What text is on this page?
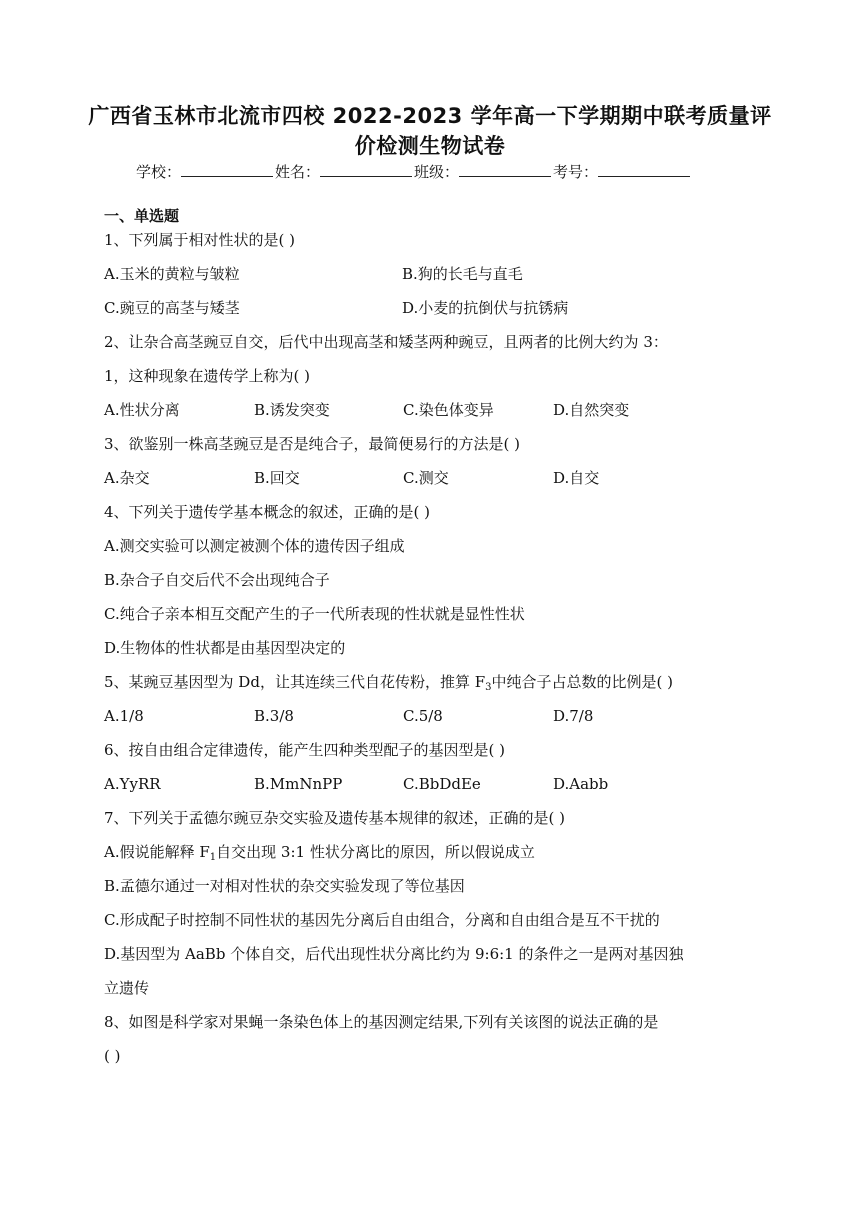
广西省玉林市北流市四校 2022-2023 学年高一下学期期中联考质量评
价检测生物试卷
学校：	姓名：	班级：	考号：
一、单选题
1、下列属于相对性状的是( )
A.玉米的黄粒与皱粒	B.狗的长毛与直毛
C.豌豆的高茎与矮茎	D.小麦的抗倒伏与抗锈病
2、让杂合高茎豌豆自交，后代中出现高茎和矮茎两种豌豆，且两者的比例大约为 3：
1，这种现象在遗传学上称为( )
A.性状分离	B.诱发突变	C.染色体变异	D.自然突变
3、欲鉴别一株高茎豌豆是否是纯合子，最简便易行的方法是( )
A.杂交	B.回交	C.测交	D.自交
4、下列关于遗传学基本概念的叙述，正确的是( )
A.测交实验可以测定被测个体的遗传因子组成
B.杂合子自交后代不会出现纯合子
C.纯合子亲本相互交配产生的子一代所表现的性状就是显性性状
D.生物体的性状都是由基因型决定的
5、某豌豆基因型为 Dd，让其连续三代自花传粉，推算 $F_3$中纯合子占总数的比例是( )
A.1/8	B.3/8	C.5/8	D.7/8
6、按自由组合定律遗传，能产生四种类型配子的基因型是( )
A.YyRR	B.MmNnPP	C.BbDdEe	D.Aabb
7、下列关于孟德尔豌豆杂交实验及遗传基本规律的叙述，正确的是( )
A.假说能解释 $F_1$自交出现 3:1 性状分离比的原因，所以假说成立
B.孟德尔通过一对相对性状的杂交实验发现了等位基因
C.形成配子时控制不同性状的基因先分离后自由组合，分离和自由组合是互不干扰的
D.基因型为 AaBb 个体自交，后代出现性状分离比约为 9:6:1 的条件之一是两对基因独
立遗传
8、如图是科学家对果蝇一条染色体上的基因测定结果,下列有关该图的说法正确的是
( )
